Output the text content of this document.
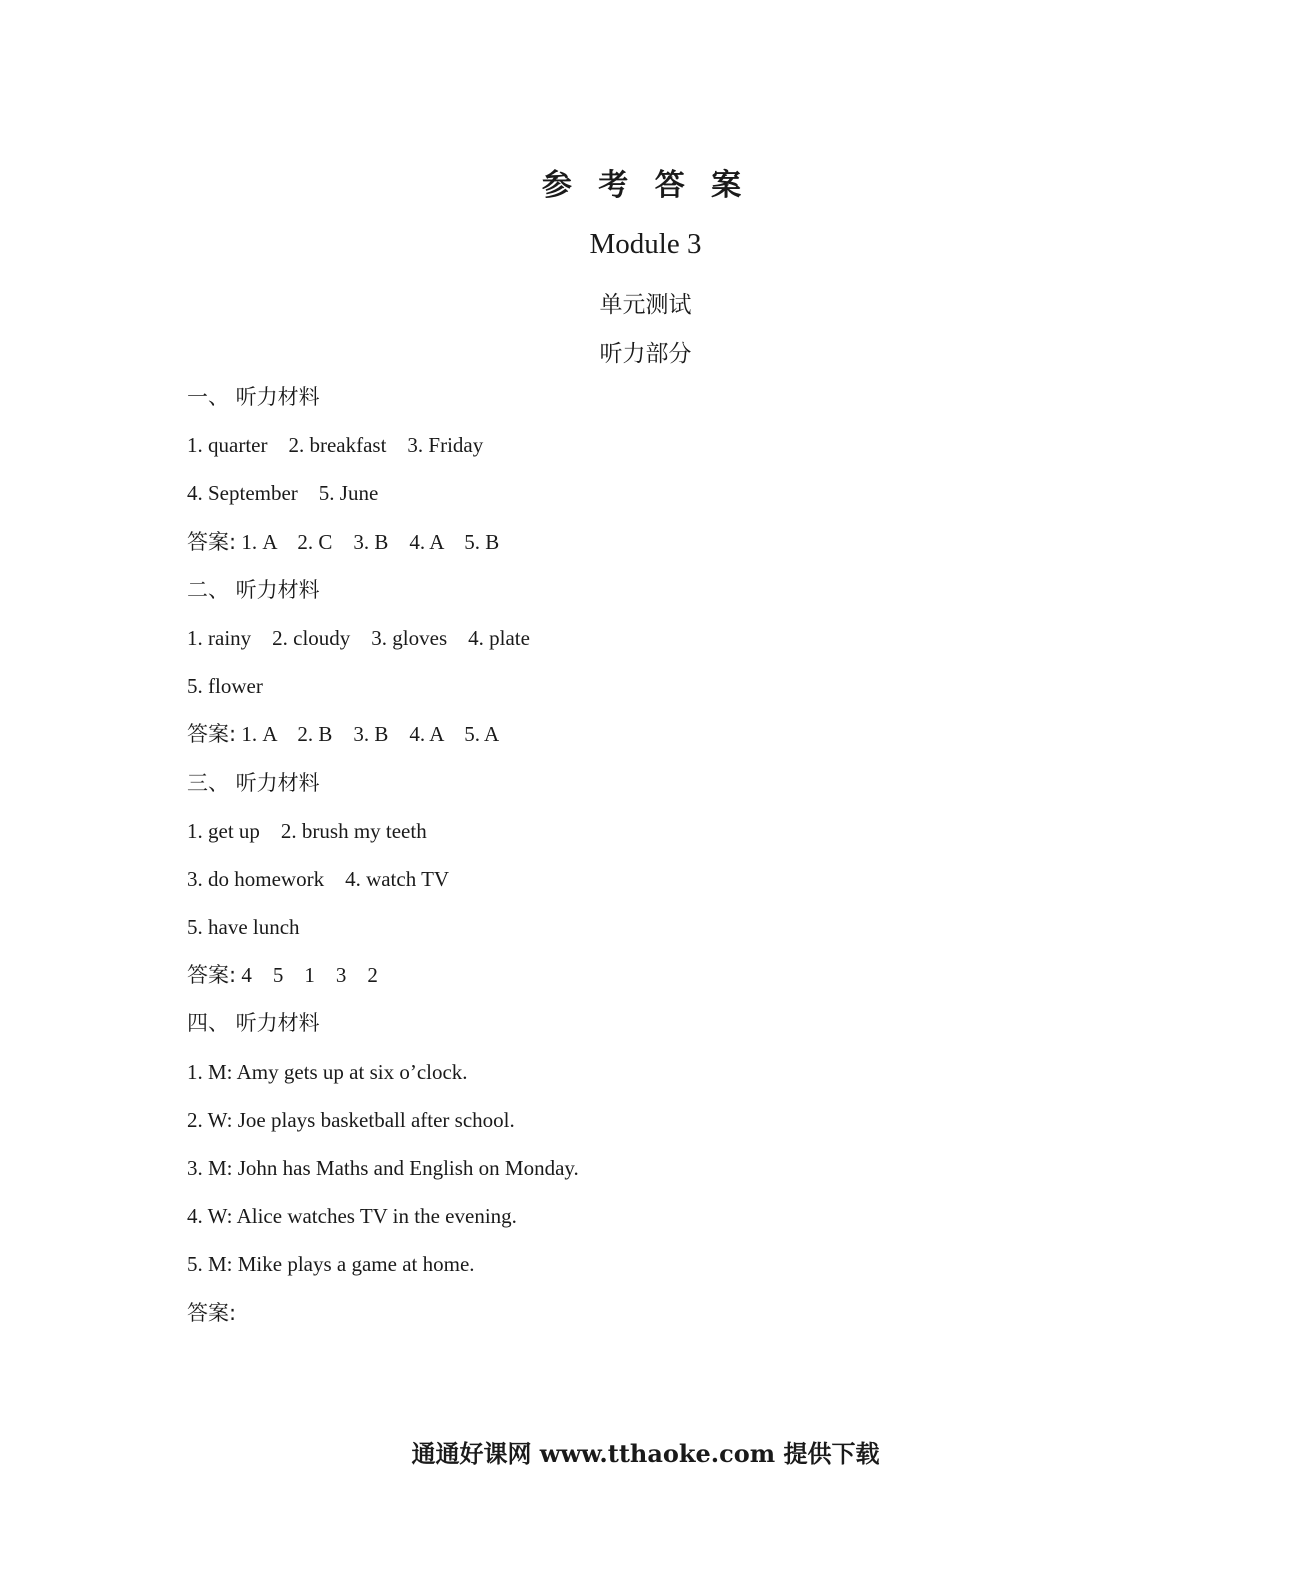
参 考 答 案
Module 3
单元测试
听力部分
一、 听力材料
1. quarter    2. breakfast    3. Friday
4. September    5. June
答案: 1. A    2. C    3. B    4. A    5. B
二、 听力材料
1. rainy    2. cloudy    3. gloves    4. plate
5. flower
答案: 1. A    2. B    3. B    4. A    5. A
三、 听力材料
1. get up    2. brush my teeth
3. do homework    4. watch TV
5. have lunch
答案: 4    5    1    3    2
四、 听力材料
1. M: Amy gets up at six o’clock.
2. W: Joe plays basketball after school.
3. M: John has Maths and English on Monday.
4. W: Alice watches TV in the evening.
5. M: Mike plays a game at home.
答案:
通通好课网 www.tthaoke.com 提供下载
